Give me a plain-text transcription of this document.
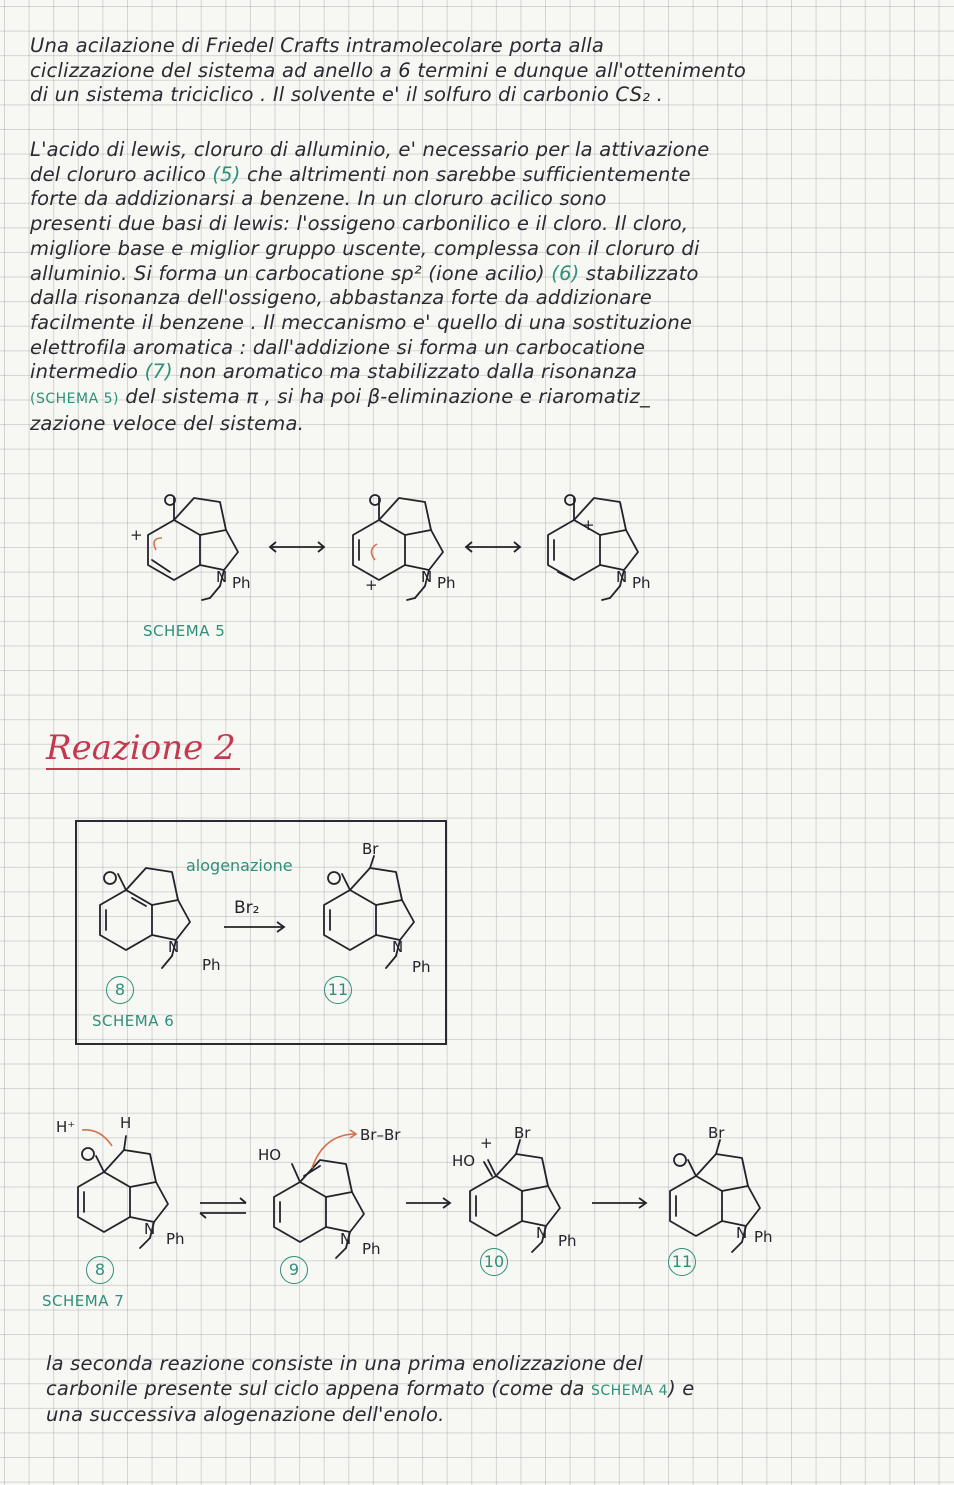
Una acilazione di Friedel Crafts intramolecolare porta alla
ciclizzazione del sistema ad anello a 6 termini e dunque all'ottenimento
di un sistema triciclico . Il solvente e' il solfuro di carbonio CS₂ .
L'acido di lewis, cloruro di alluminio, e' necessario per la attivazione
del cloruro acilico (5) che altrimenti non sarebbe sufficientemente
forte da addizionarsi a benzene. In un cloruro acilico sono
presenti due basi di lewis: l'ossigeno carbonilico e il cloro. Il cloro,
migliore base e miglior gruppo uscente, complessa con il cloruro di
alluminio. Si forma un carbocatione sp² (ione acilio) (6) stabilizzato
dalla risonanza dell'ossigeno, abbastanza forte da addizionare
facilmente il benzene . Il meccanismo e' quello di una sostituzione
elettrofila aromatica : dall'addizione si forma un carbocatione
intermedio (7) non aromatico ma stabilizzato dalla risonanza
(SCHEMA 5) del sistema π , si ha poi β-eliminazione e riaromatiz_
zazione veloce del sistema.
+
N Ph	+	N Ph
+
N Ph
SCHEMA 5
Reazione 2
N
Ph
8
alogenazione
Br₂
Br
N
Ph
11
SCHEMA 6
H⁺	H
N
Ph
8
HO
Br–Br
N
Ph
9
HO
+
Br
N Ph
10
Br
N Ph
11
SCHEMA 7
la seconda reazione consiste in una prima enolizzazione del
carbonile presente sul ciclo appena formato (come da SCHEMA 4) e
una successiva alogenazione dell'enolo.
